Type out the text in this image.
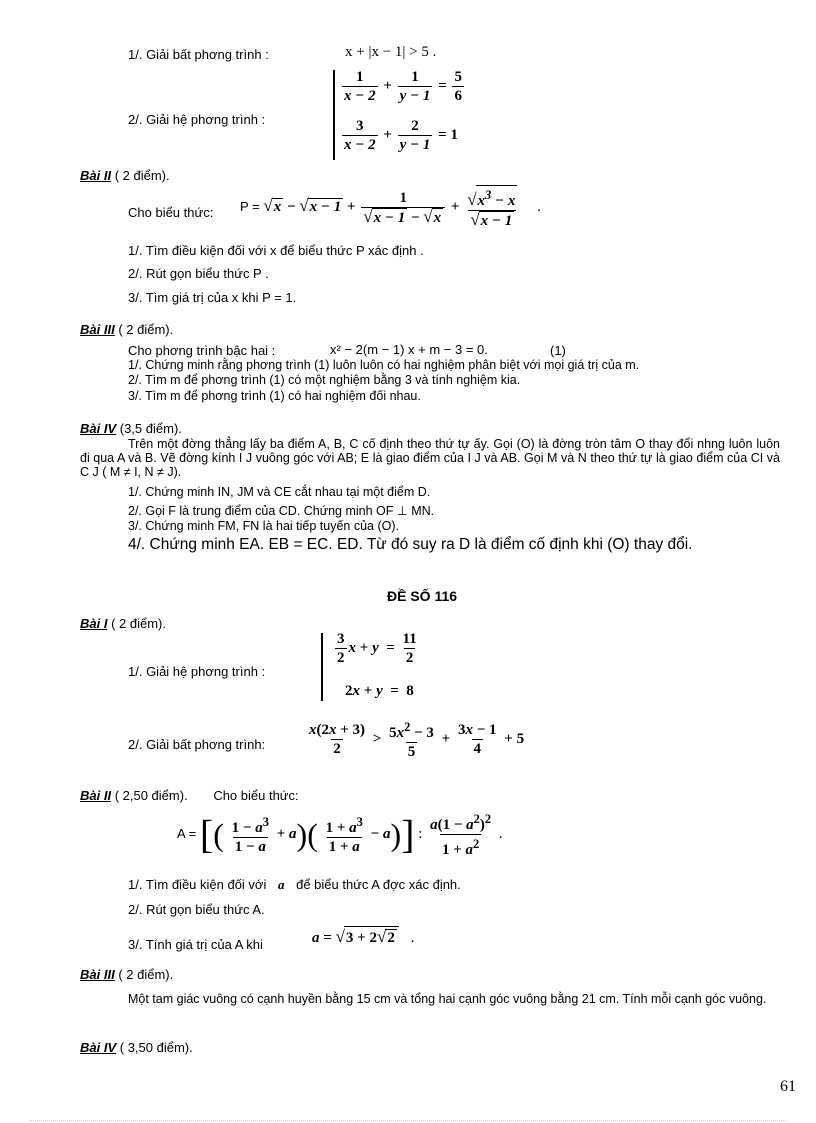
1/. Giải bất phơng trình :	x + |x − 1| > 5 .
2/. Giải hệ phơng trình :
$\frac{1}{x - 2} + \frac{1}{y - 1} = \frac{5}{6}$
$\frac{3}{x - 2} + \frac{2}{y - 1} = 1$
Bài II ( 2 điểm).
Cho biểu thức: $P = √x - √x - 1 + \frac{1}{√x - 1 - √x} + \frac{√x^3 - x}{√x - 1}$ .
1/. Tìm điều kiện đối với x để biểu thức P xác định .
2/. Rút gọn biểu thức P .
3/. Tìm giá trị của x khi P = 1.
Bài III ( 2 điểm).
Cho phơng trình bậc hai :	x² − 2(m − 1) x + m − 3 = 0.	(1)
1/. Chứng minh rằng phơng trình (1) luôn luôn có hai nghiệm phân biệt với mọi giá trị của m.
2/. Tìm m để phơng trình (1) có một nghiệm bằng 3 và tính nghiệm kia.
3/. Tìm m để phơng trình (1) có hai nghiệm đối nhau.
Bài IV (3,5 điểm).
Trên một đờng thẳng lấy ba điểm A, B, C cố định theo thứ tự ấy. Gọi (O) là đờng tròn tâm O thay đổi nhng luôn luôn đi qua A và B. Vẽ đờng kính I J vuông góc với AB; E là giao điểm của I J và AB. Gọi M và N theo thứ tự là giao điểm của CI và C J ( M ≠ I, N ≠ J).
1/. Chứng minh IN, JM và CE cắt nhau tại một điểm D.
2/. Gọi F là trung điểm của CD. Chứng minh OF ⊥ MN.
3/. Chứng minh FM, FN là hai tiếp tuyến của (O).
4/. Chứng minh EA. EB = EC. ED. Từ đó suy ra D là điểm cố định khi (O) thay đổi.
ĐỀ SỐ 116
Bài I ( 2 điểm).
1/. Giải hệ phơng trình :
$\frac{3}{2}$ $x + y = \frac{11}{2}$
2x + y  =  8
2/. Giải bất phơng trình:	$\frac{x(2x + 3)}{2} > \frac{5x^2 - 3}{5} + \frac{3x - 1}{4} + 5$
Bài II ( 2,50 điểm). Cho biểu thức:
A = [( $\frac{1 - a^3}{1 - a} + a)( \frac{1 + a^3}{1 + a} - a)$] : $\frac{a(1 - a^2)^2}{1 + a^2}$ .
1/. Tìm điều kiện đối với a để biểu thức A đợc xác định.
2/. Rút gọn biểu thức A.
3/. Tính giá trị của A khi	a = √3 + 2√2 .
Bài III ( 2 điểm).
Một tam giác vuông có cạnh huyền bằng 15 cm và tổng hai cạnh góc vuông bằng 21 cm. Tính mỗi cạnh góc vuông.
Bài IV ( 3,50 điểm).
61
